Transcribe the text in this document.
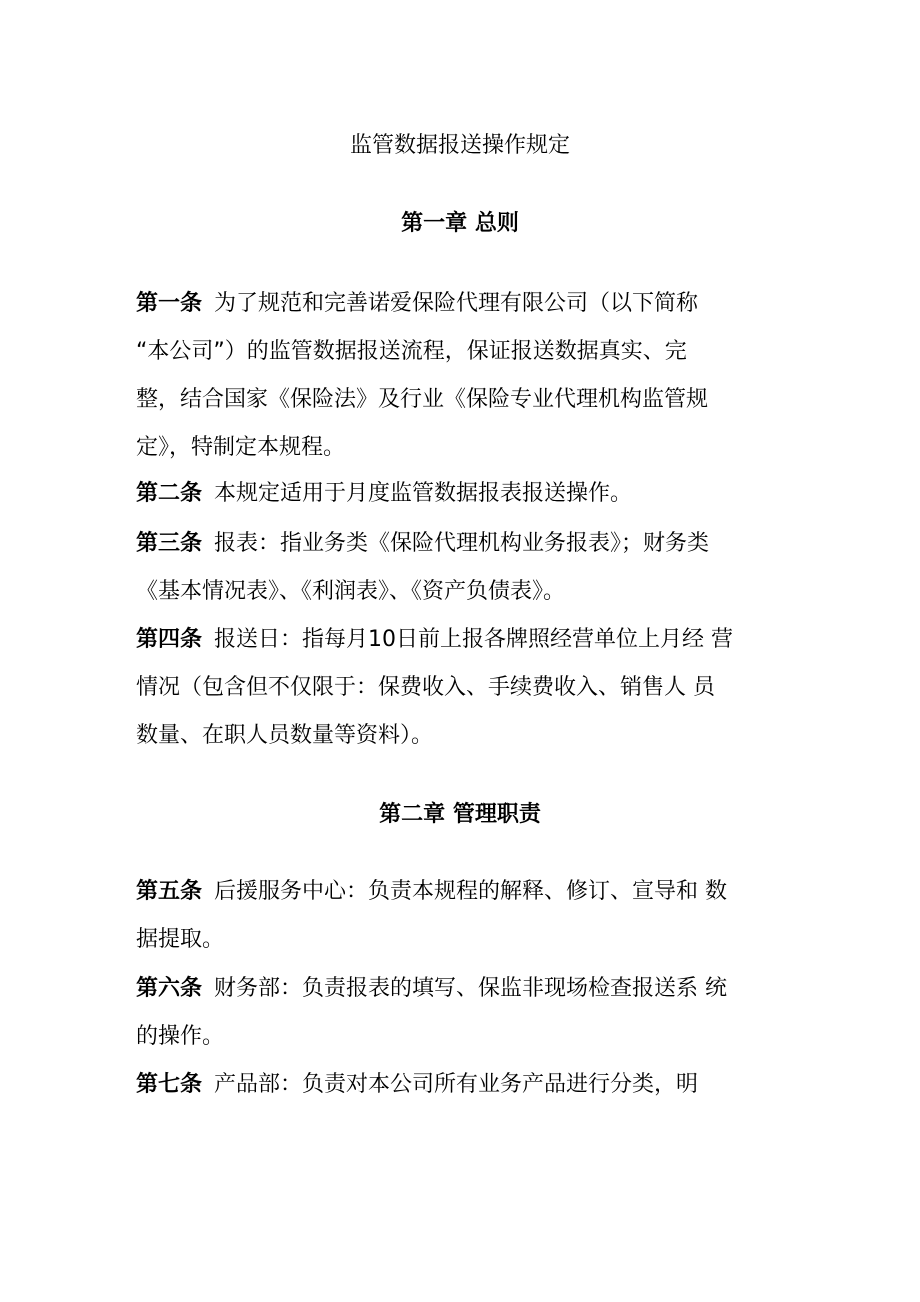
监管数据报送操作规定
第一章 总则
第一条 为了规范和完善诺爱保险代理有限公司（以下简称
“本公司”）的监管数据报送流程，保证报送数据真实、完
整，结合国家《保险法》及行业《保险专业代理机构监管规
定》，特制定本规程。
第二条 本规定适用于月度监管数据报表报送操作。
第三条 报表：指业务类《保险代理机构业务报表》；财务类
《基本情况表》、《利润表》、《资产负债表》。
第四条 报送日：指每月10日前上报各牌照经营单位上月经 营
情况（包含但不仅限于：保费收入、手续费收入、销售人 员
数量、在职人员数量等资料）。
第二章 管理职责
第五条 后援服务中心：负责本规程的解释、修订、宣导和 数
据提取。
第六条 财务部：负责报表的填写、保监非现场检查报送系 统
的操作。
第七条 产品部：负责对本公司所有业务产品进行分类，明
